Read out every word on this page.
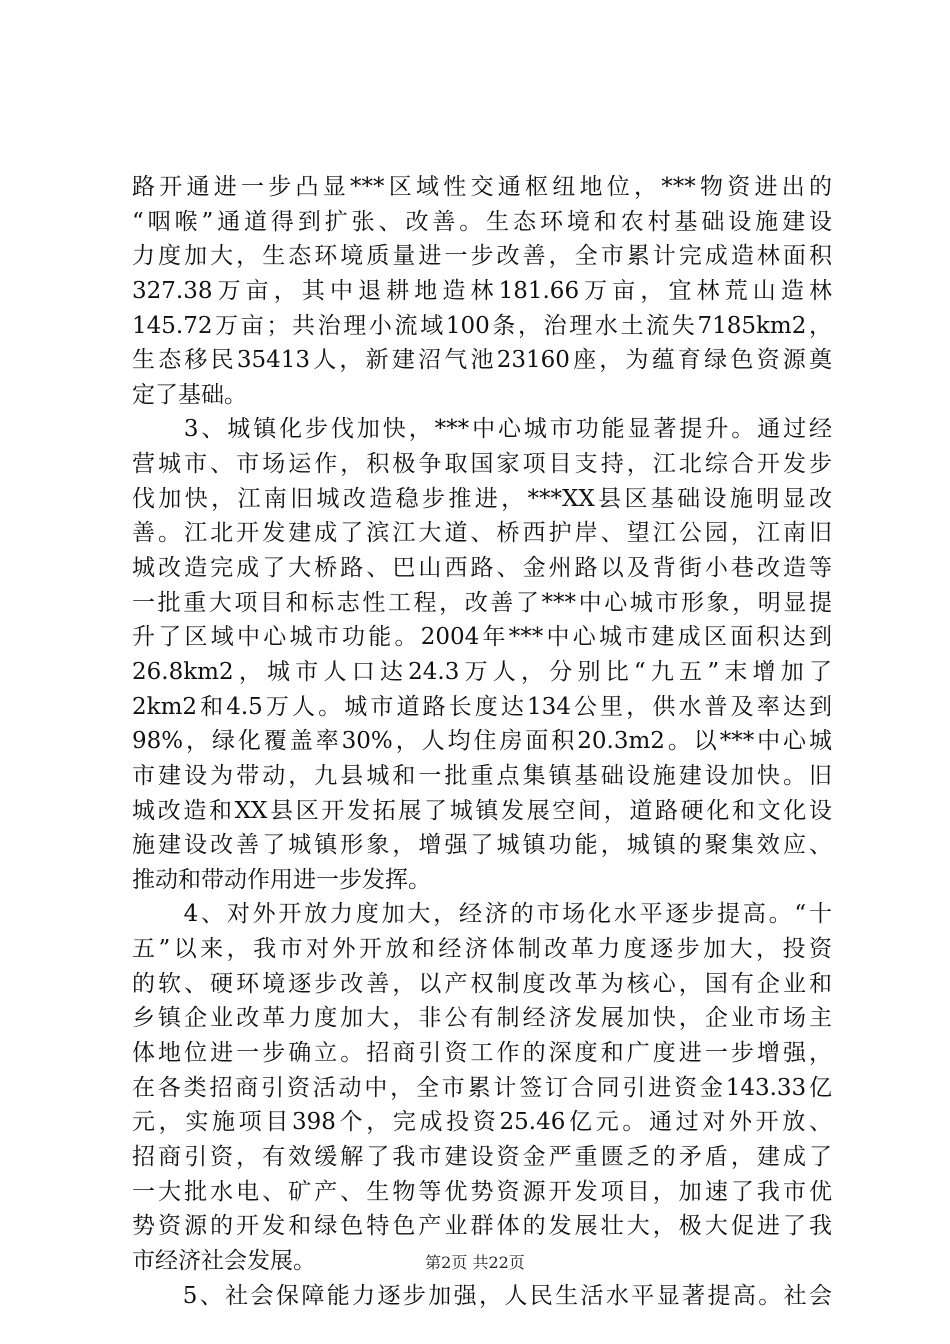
路开通进一步凸显***区域性交通枢纽地位，***物资进出的
“咽喉”通道得到扩张、改善。生态环境和农村基础设施建设
力度加大，生态环境质量进一步改善，全市累计完成造林面积
327.38万亩，其中退耕地造林181.66万亩，宜林荒山造林
145.72万亩；共治理小流域100条，治理水土流失7185km2，
生态移民35413人，新建沼气池23160座，为蕴育绿色资源奠
定了基础。
　　3、城镇化步伐加快，***中心城市功能显著提升。通过经
营城市、市场运作，积极争取国家项目支持，江北综合开发步
伐加快，江南旧城改造稳步推进，***XX县区基础设施明显改
善。江北开发建成了滨江大道、桥西护岸、望江公园，江南旧
城改造完成了大桥路、巴山西路、金州路以及背街小巷改造等
一批重大项目和标志性工程，改善了***中心城市形象，明显提
升了区域中心城市功能。2004年***中心城市建成区面积达到
26.8km2，城市人口达24.3万人，分别比“九五”末增加了
2km2和4.5万人。城市道路长度达134公里，供水普及率达到
98%，绿化覆盖率30%，人均住房面积20.3m2。以***中心城
市建设为带动，九县城和一批重点集镇基础设施建设加快。旧
城改造和XX县区开发拓展了城镇发展空间，道路硬化和文化设
施建设改善了城镇形象，增强了城镇功能，城镇的聚集效应、
推动和带动作用进一步发挥。
　　4、对外开放力度加大，经济的市场化水平逐步提高。“十
五”以来，我市对外开放和经济体制改革力度逐步加大，投资
的软、硬环境逐步改善，以产权制度改革为核心，国有企业和
乡镇企业改革力度加大，非公有制经济发展加快，企业市场主
体地位进一步确立。招商引资工作的深度和广度进一步增强，
在各类招商引资活动中，全市累计签订合同引进资金143.33亿
元，实施项目398个，完成投资25.46亿元。通过对外开放、
招商引资，有效缓解了我市建设资金严重匮乏的矛盾，建成了
一大批水电、矿产、生物等优势资源开发项目，加速了我市优
势资源的开发和绿色特色产业群体的发展壮大，极大促进了我
市经济社会发展。
　　5、社会保障能力逐步加强，人民生活水平显著提高。社会
第2页 共22页
